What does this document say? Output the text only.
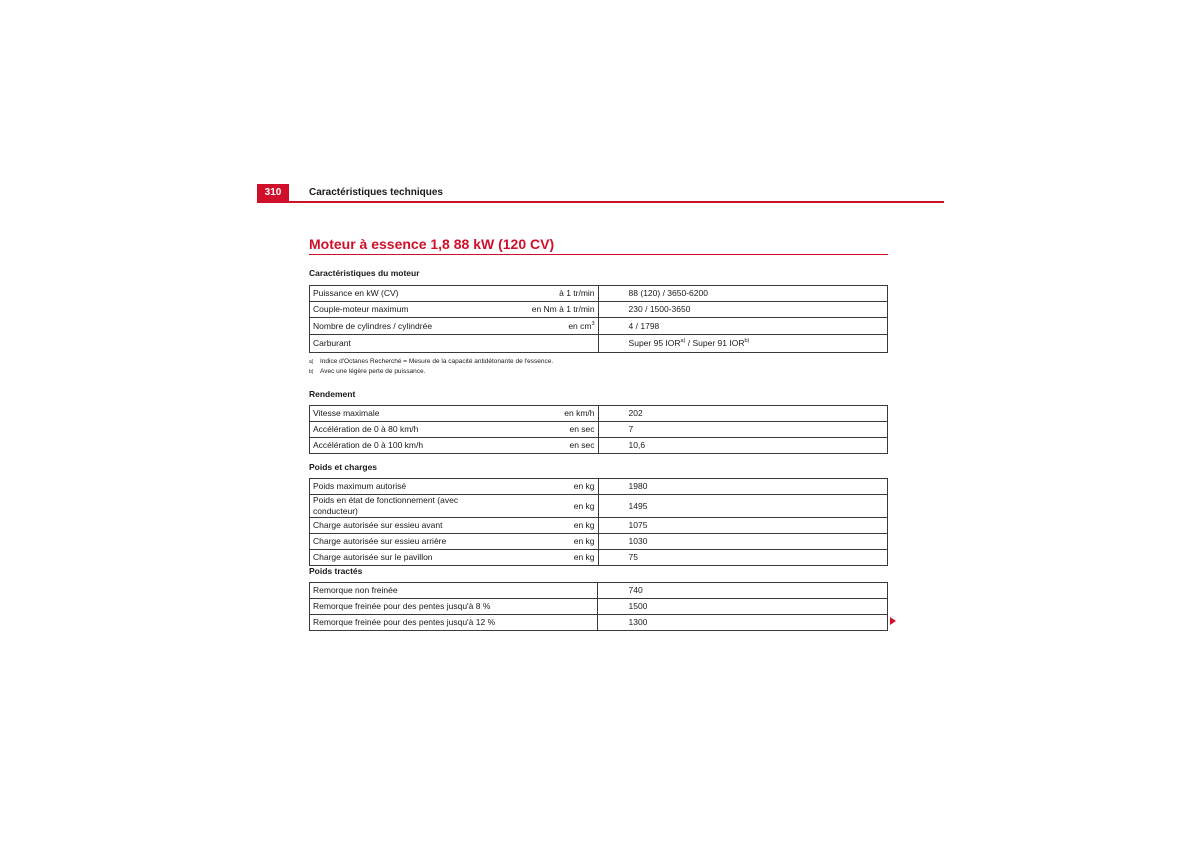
310	Caractéristiques techniques
Moteur à essence 1,8 88 kW (120 CV)
Caractéristiques du moteur
Puissance en kW (CV)	à 1 tr/min	88 (120) / 3650-6200
Couple-moteur maximum	en Nm à 1 tr/min	230 / 1500-3650
Nombre de cylindres / cylindrée	en $cm^3$	4 / 1798
Carburant		Super 95 IOR$^{a)}$ / Super 91 IOR$^{b)}$
$^{a)}$ Indice d'Octanes Recherché = Mesure de la capacité antidétonante de l'essence.
$^{b)}$ Avec une légère perte de puissance.
Rendement
Vitesse maximale	en km/h	202
Accélération de 0 à 80 km/h	en sec	7
Accélération de 0 à 100 km/h	en sec	10,6
Poids et charges
Poids maximum autorisé	en kg	1980
Poids en état de fonctionnement (avec conducteur)	en kg	1495
Charge autorisée sur essieu avant	en kg	1075
Charge autorisée sur essieu arrière	en kg	1030
Charge autorisée sur le pavillon	en kg	75
Poids tractés
Remorque non freinée	740
Remorque freinée pour des pentes jusqu'à 8 %	1500
Remorque freinée pour des pentes jusqu'à 12 %	1300
